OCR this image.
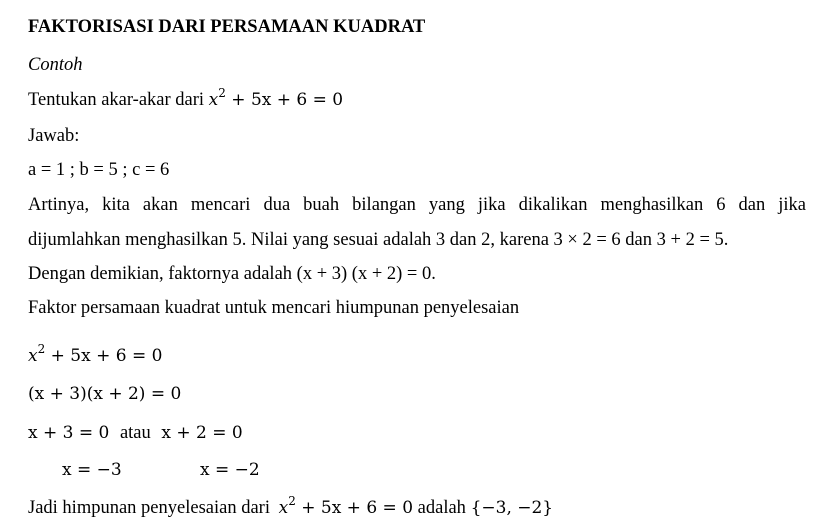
FAKTORISASI DARI PERSAMAAN KUADRAT
Contoh
Tentukan akar-akar dari $x^2 + 5x + 6 = 0$
Jawab:
a = 1 ; b = 5 ; c = 6
Artinya, kita akan mencari dua buah bilangan yang jika dikalikan menghasilkan 6 dan jika
dijumlahkan menghasilkan 5. Nilai yang sesuai adalah 3 dan 2, karena 3 × 2 = 6 dan 3 + 2 = 5.
Dengan demikian, faktornya adalah (x + 3) (x + 2) = 0.
Faktor persamaan kuadrat untuk mencari hiumpunan penyelesaian
$x^2 + 5x + 6 = 0$
(x + 3)(x + 2) = 0
x + 3 = 0 atau x + 2 = 0
x = −3	x = −2
Jadi himpunan penyelesaian dari $x^2 + 5x + 6 = 0$ adalah {−3, −2}
